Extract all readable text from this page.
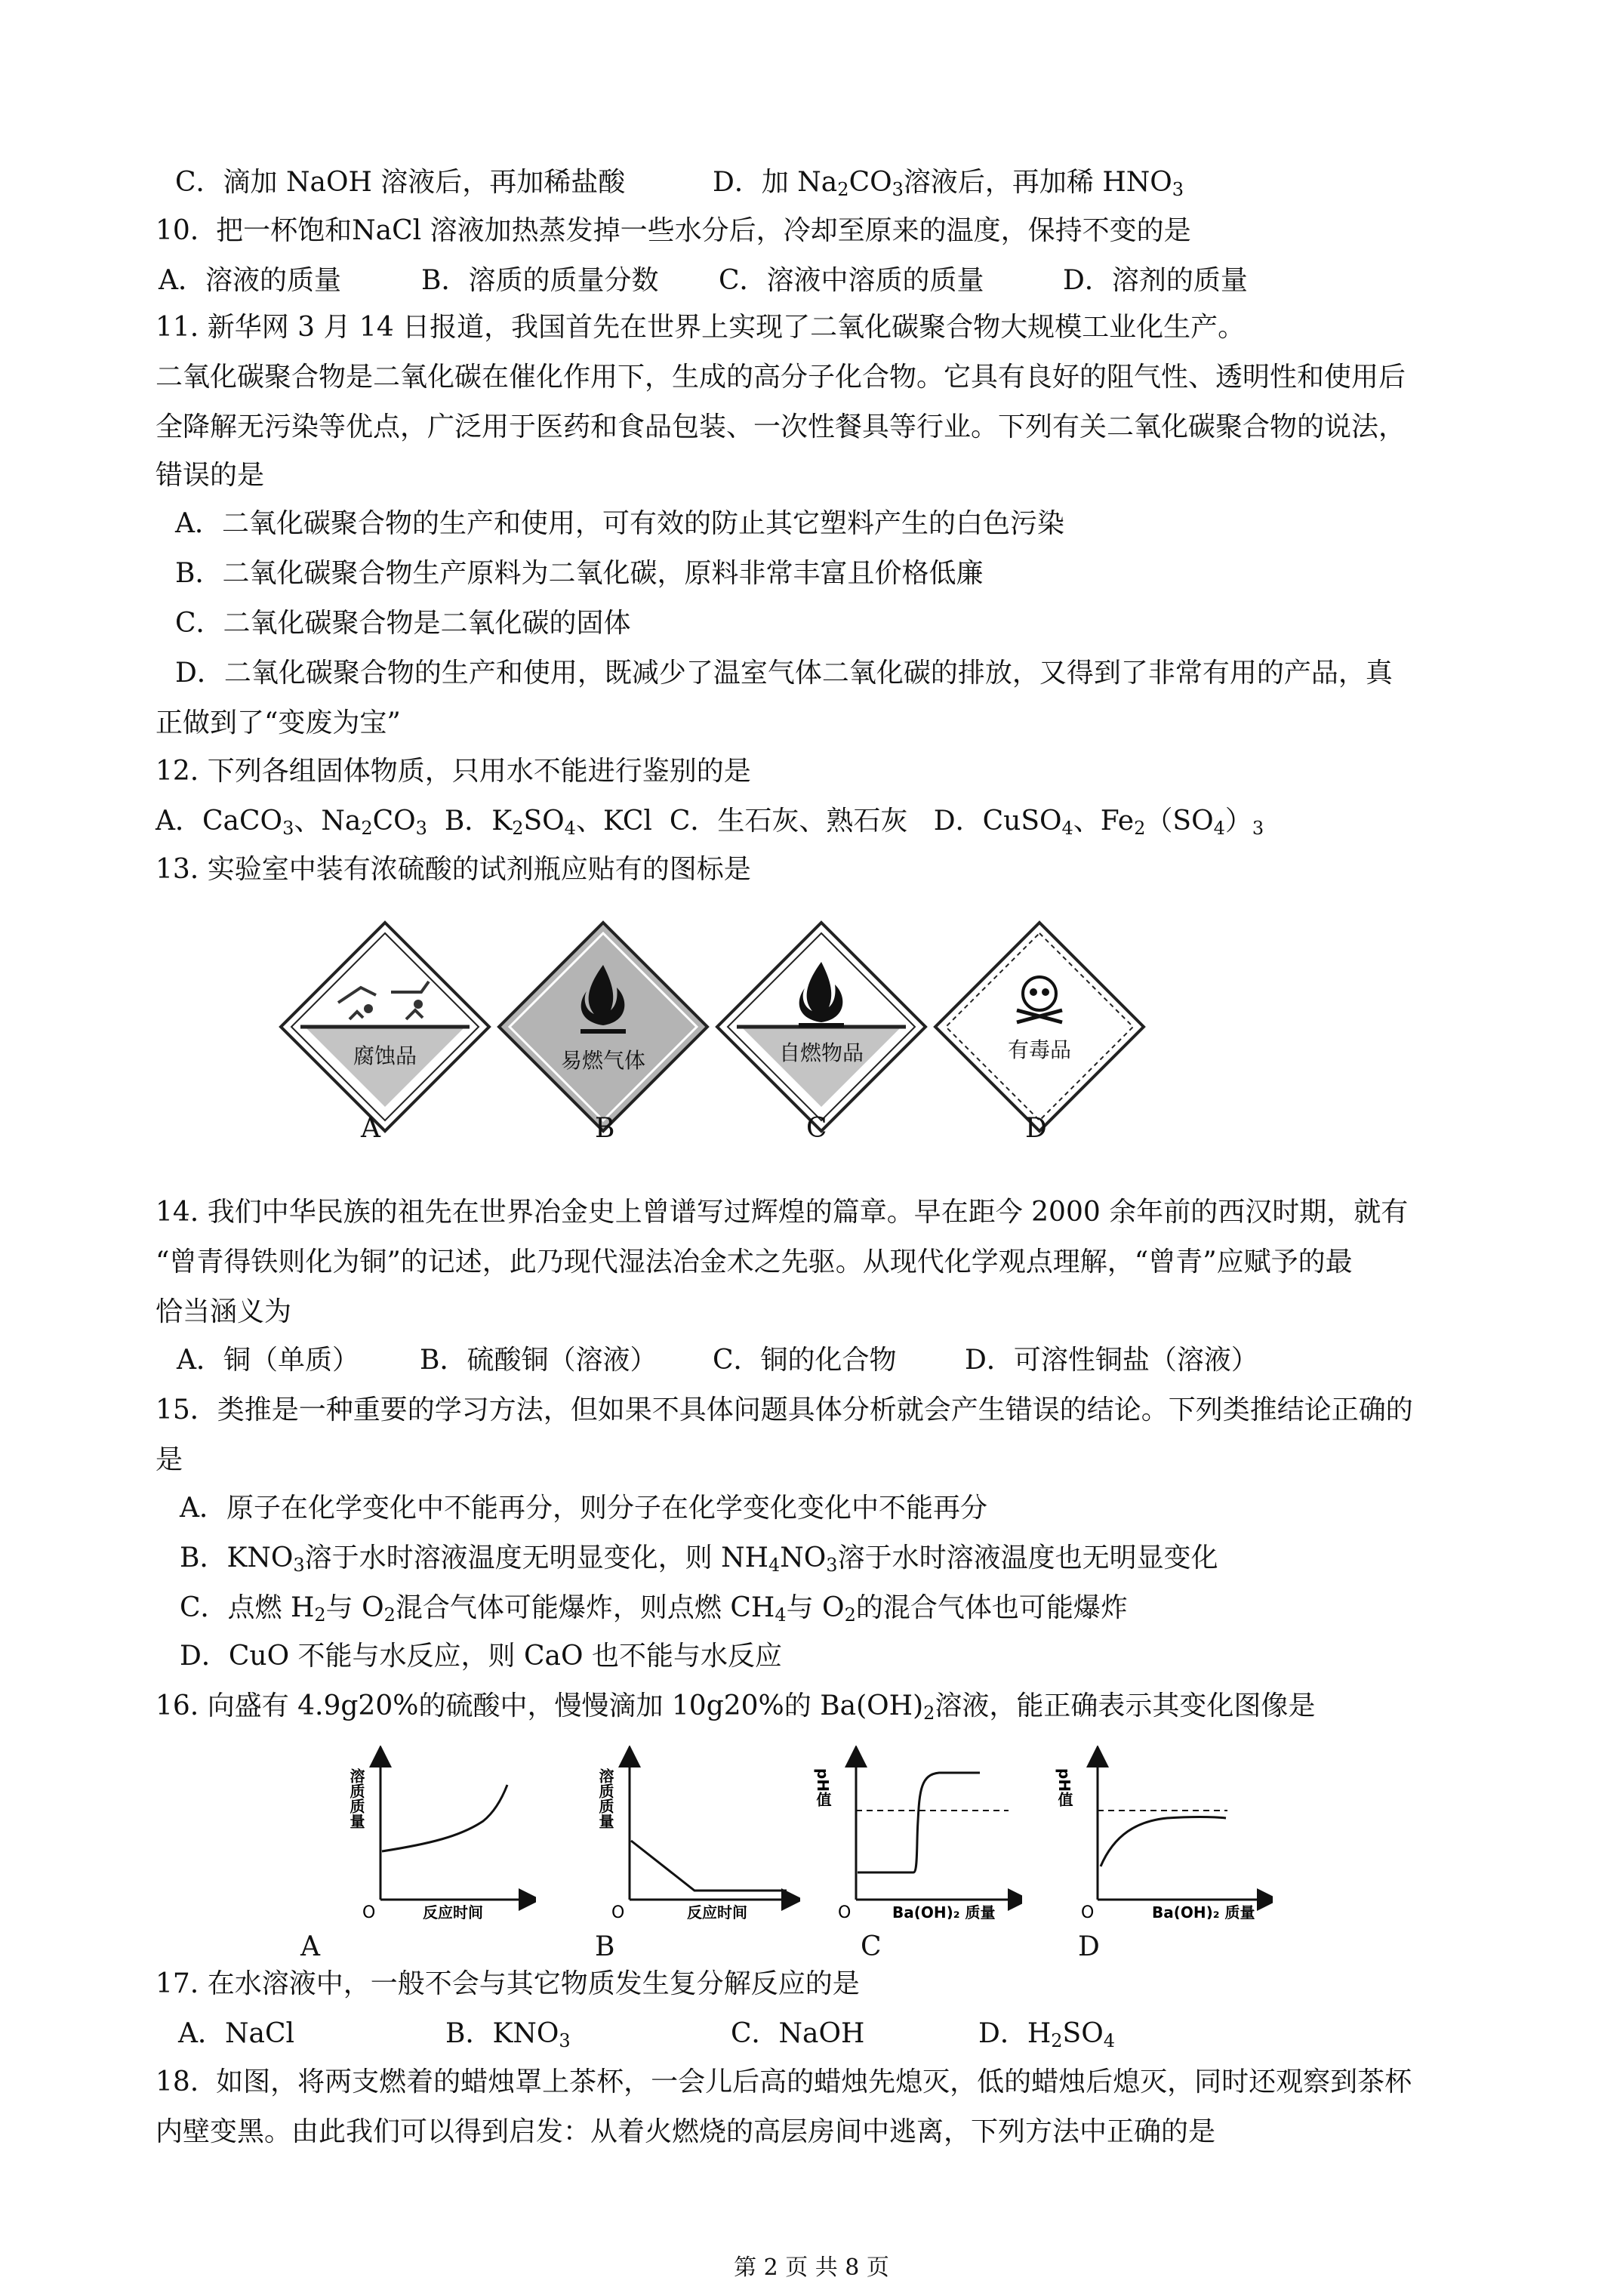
C．滴加 NaOH 溶液后，再加稀盐酸	D．加 $Na_2CO_3$溶液后，再加稀 $HNO_3$
10.  把一杯饱和NaCl 溶液加热蒸发掉一些水分后，冷却至原来的温度，保持不变的是
A．溶液的质量	B．溶质的质量分数 C．溶液中溶质的质量	D．溶剂的质量
11. 新华网 3 月 14 日报道，我国首先在世界上实现了二氧化碳聚合物大规模工业化生产。
二氧化碳聚合物是二氧化碳在催化作用下，生成的高分子化合物。它具有良好的阻气性、透明性和使用后
全降解无污染等优点，广泛用于医药和食品包装、一次性餐具等行业。下列有关二氧化碳聚合物的说法，
错误的是
A．二氧化碳聚合物的生产和使用，可有效的防止其它塑料产生的白色污染
B．二氧化碳聚合物生产原料为二氧化碳，原料非常丰富且价格低廉
C．二氧化碳聚合物是二氧化碳的固体
D．二氧化碳聚合物的生产和使用，既减少了温室气体二氧化碳的排放，又得到了非常有用的产品，真
正做到了“变废为宝”
12. 下列各组固体物质，只用水不能进行鉴别的是
A．CaCO$_3$、$Na_2CO_3$ B．$K_2SO_4$、KCl C．生石灰、熟石灰 D．CuSO$_4$、$Fe_2(SO_4)_3$
13. 实验室中装有浓硫酸的试剂瓶应贴有的图标是
腐蚀品	易燃气体	自燃物品	有毒品
A	B	C	D
14. 我们中华民族的祖先在世界冶金史上曾谱写过辉煌的篇章。早在距今 2000 余年前的西汉时期，就有
“曾青得铁则化为铜”的记述，此乃现代湿法冶金术之先驱。从现代化学观点理解，“曾青”应赋予的最
恰当涵义为
A．铜（单质） B．硫酸铜（溶液） C．铜的化合物	D．可溶性铜盐（溶液）
15．类推是一种重要的学习方法，但如果不具体问题具体分析就会产生错误的结论。下列类推结论正确的
是
A．原子在化学变化中不能再分，则分子在化学变化变化中不能再分
B．$KNO_3$溶于水时溶液温度无明显变化，则 $NH_4NO_3$溶于水时溶液温度也无明显变化
C．点燃 $H_2$与 $O_2$混合气体可能爆炸，则点燃 $CH_4$与 $O_2$的混合气体也可能爆炸
D．CuO 不能与水反应，则 CaO 也不能与水反应
16. 向盛有 4.9g20%的硫酸中，慢慢滴加 10g20%的 $Ba(OH)_2$溶液，能正确表示其变化图像是
溶质质量
O	反应时间
溶质质量
O	反应时间
pH值
O	Ba(OH)₂ 质量
pH值
O	Ba(OH)₂ 质量
A	B	C	D
17. 在水溶液中，一般不会与其它物质发生复分解反应的是
A．NaCl	B．$KNO_3$	C．NaOH	D．$H_2SO_4$
18.  如图，将两支燃着的蜡烛罩上茶杯，一会儿后高的蜡烛先熄灭，低的蜡烛后熄灭，同时还观察到茶杯
内壁变黑。由此我们可以得到启发：从着火燃烧的高层房间中逃离，下列方法中正确的是
第 2 页 共 8 页
